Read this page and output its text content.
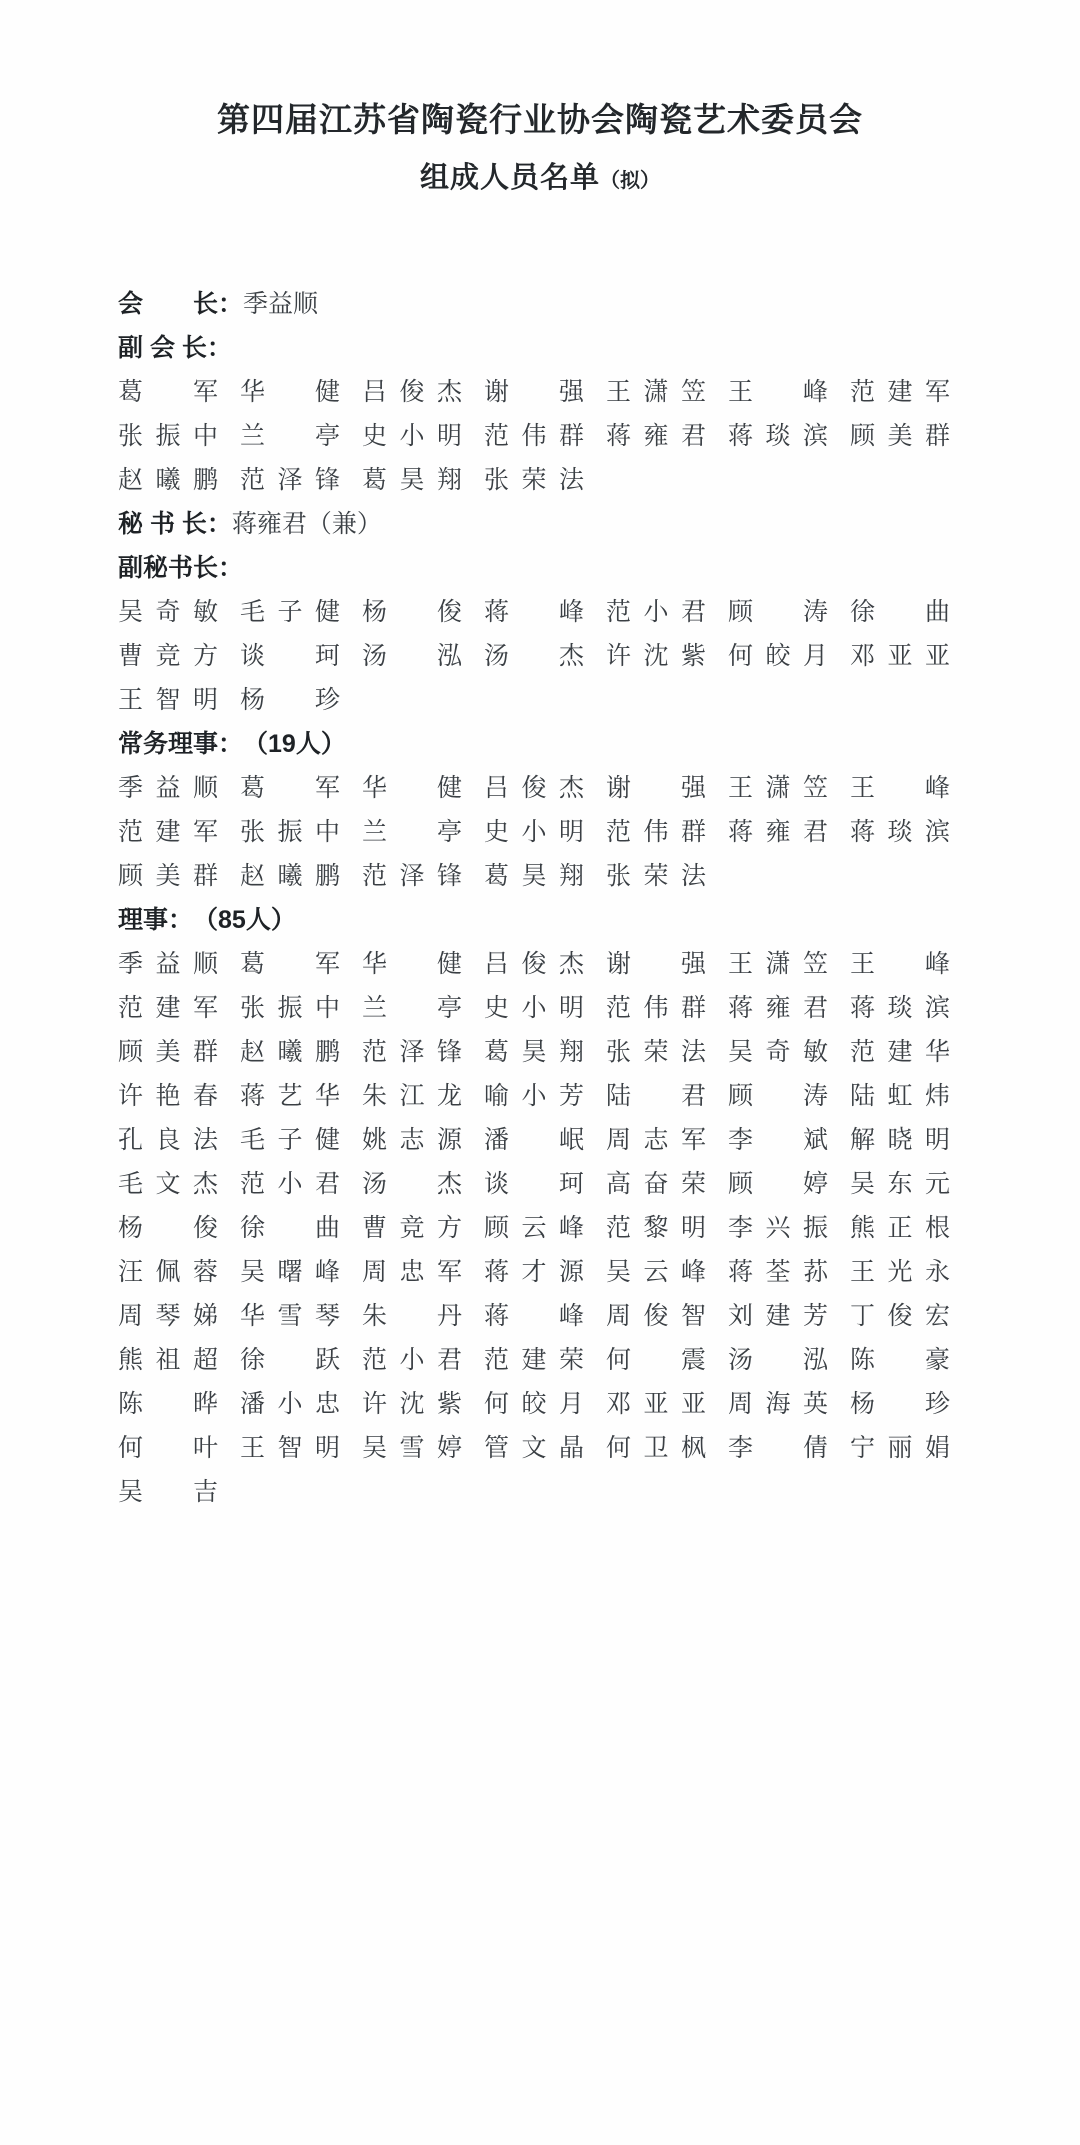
第四届江苏省陶瓷行业协会陶瓷艺术委员会
组成人员名单（拟）
会　　长： 季益顺
副 会 长：
葛军 华健 吕俊杰 谢强 王潇笠 王峰 范建军
张振中 兰亭 史小明 范伟群 蒋雍君 蒋琰滨 顾美群
赵曦鹏 范泽锋 葛昊翔 张荣法
秘 书 长： 蒋雍君（兼）
副秘书长：
吴奇敏 毛子健 杨俊 蒋峰 范小君 顾涛 徐曲
曹竞方 谈珂 汤泓 汤杰 许沈紫 何皎月 邓亚亚
王智明 杨珍
常务理事： （19人）
季益顺 葛军 华健 吕俊杰 谢强 王潇笠 王峰
范建军 张振中 兰亭 史小明 范伟群 蒋雍君 蒋琰滨
顾美群 赵曦鹏 范泽锋 葛昊翔 张荣法
理事： （85人）
季益顺 葛军 华健 吕俊杰 谢强 王潇笠 王峰
范建军 张振中 兰亭 史小明 范伟群 蒋雍君 蒋琰滨
顾美群 赵曦鹏 范泽锋 葛昊翔 张荣法 吴奇敏 范建华
许艳春 蒋艺华 朱江龙 喻小芳 陆君 顾涛 陆虹炜
孔良法 毛子健 姚志源 潘岷 周志军 李斌 解晓明
毛文杰 范小君 汤杰 谈珂 高奋荣 顾婷 吴东元
杨俊 徐曲 曹竞方 顾云峰 范黎明 李兴振 熊正根
汪佩蓉 吴曙峰 周忠军 蒋才源 吴云峰 蒋荃荪 王光永
周琴娣 华雪琴 朱丹 蒋峰 周俊智 刘建芳 丁俊宏
熊祖超 徐跃 范小君 范建荣 何震 汤泓 陈豪
陈晔 潘小忠 许沈紫 何皎月 邓亚亚 周海英 杨珍
何叶 王智明 吴雪婷 管文晶 何卫枫 李倩 宁丽娟
吴吉
